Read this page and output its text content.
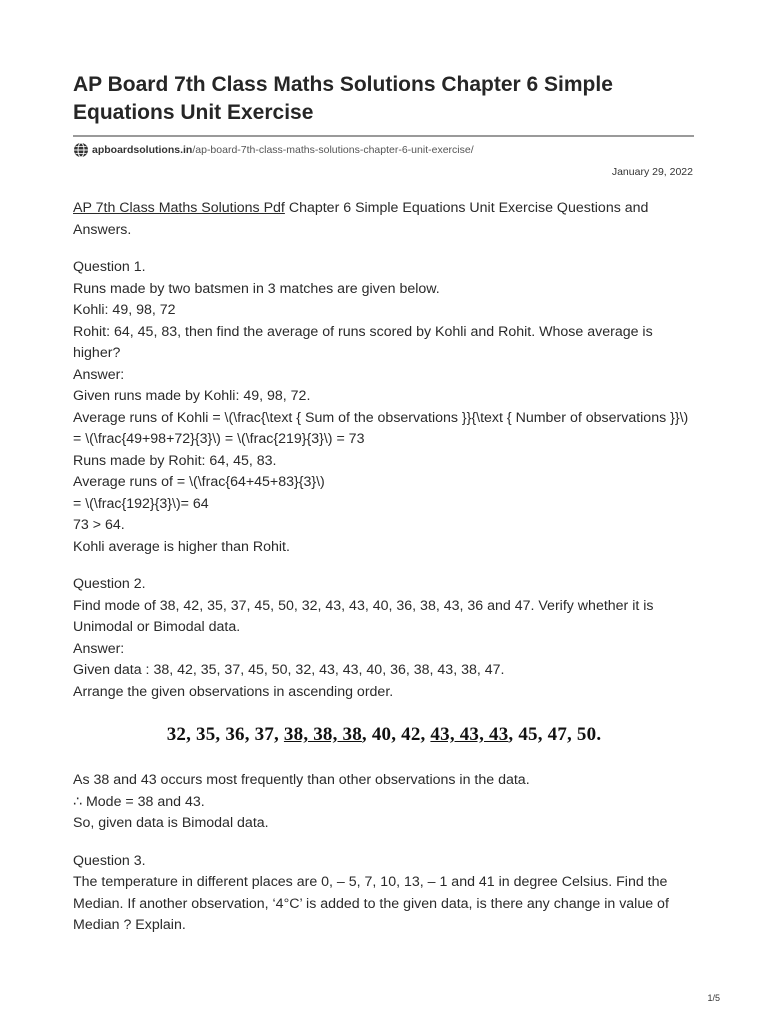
AP Board 7th Class Maths Solutions Chapter 6 Simple Equations Unit Exercise
apboardsolutions.in /ap-board-7th-class-maths-solutions-chapter-6-unit-exercise/
January 29, 2022

AP 7th Class Maths Solutions Pdf Chapter 6 Simple Equations Unit Exercise Questions and Answers.

Question 1.

Runs made by two batsmen in 3 matches are given below.

Kohli: 49, 98, 72

Rohit: 64, 45, 83, then find the average of runs scored by Kohli and Rohit. Whose average is higher?

Answer:

Given runs made by Kohli: 49, 98, 72.

Average runs of Kohli = \(\frac{\text { Sum of the observations }}{\text { Number of observations }}\) = \(\frac{49+98+72}{3}\) = \(\frac{219}{3}\) = 73

Runs made by Rohit: 64, 45, 83.

Average runs of = \(\frac{64+45+83}{3}\)

= \(\frac{192}{3}\)= 64

73 > 64.

Kohli average is higher than Rohit.

Question 2.

Find mode of 38, 42, 35, 37, 45, 50, 32, 43, 43, 40, 36, 38, 43, 36 and 47. Verify whether it is Unimodal or Bimodal data.

Answer:

Given data : 38, 42, 35, 37, 45, 50, 32, 43, 43, 40, 36, 38, 43, 38, 47.

Arrange the given observations in ascending order.

32, 35, 36, 37, 38, 38, 38, 40, 42, 43, 43, 43, 45, 47, 50.

As 38 and 43 occurs most frequently than other observations in the data.

∴ Mode = 38 and 43.

So, given data is Bimodal data.

Question 3.

The temperature in different places are 0, – 5, 7, 10, 13, – 1 and 41 in degree Celsius. Find the Median. If another observation, ‘4°C’ is added to the given data, is there any change in value of Median ? Explain.

1/5
